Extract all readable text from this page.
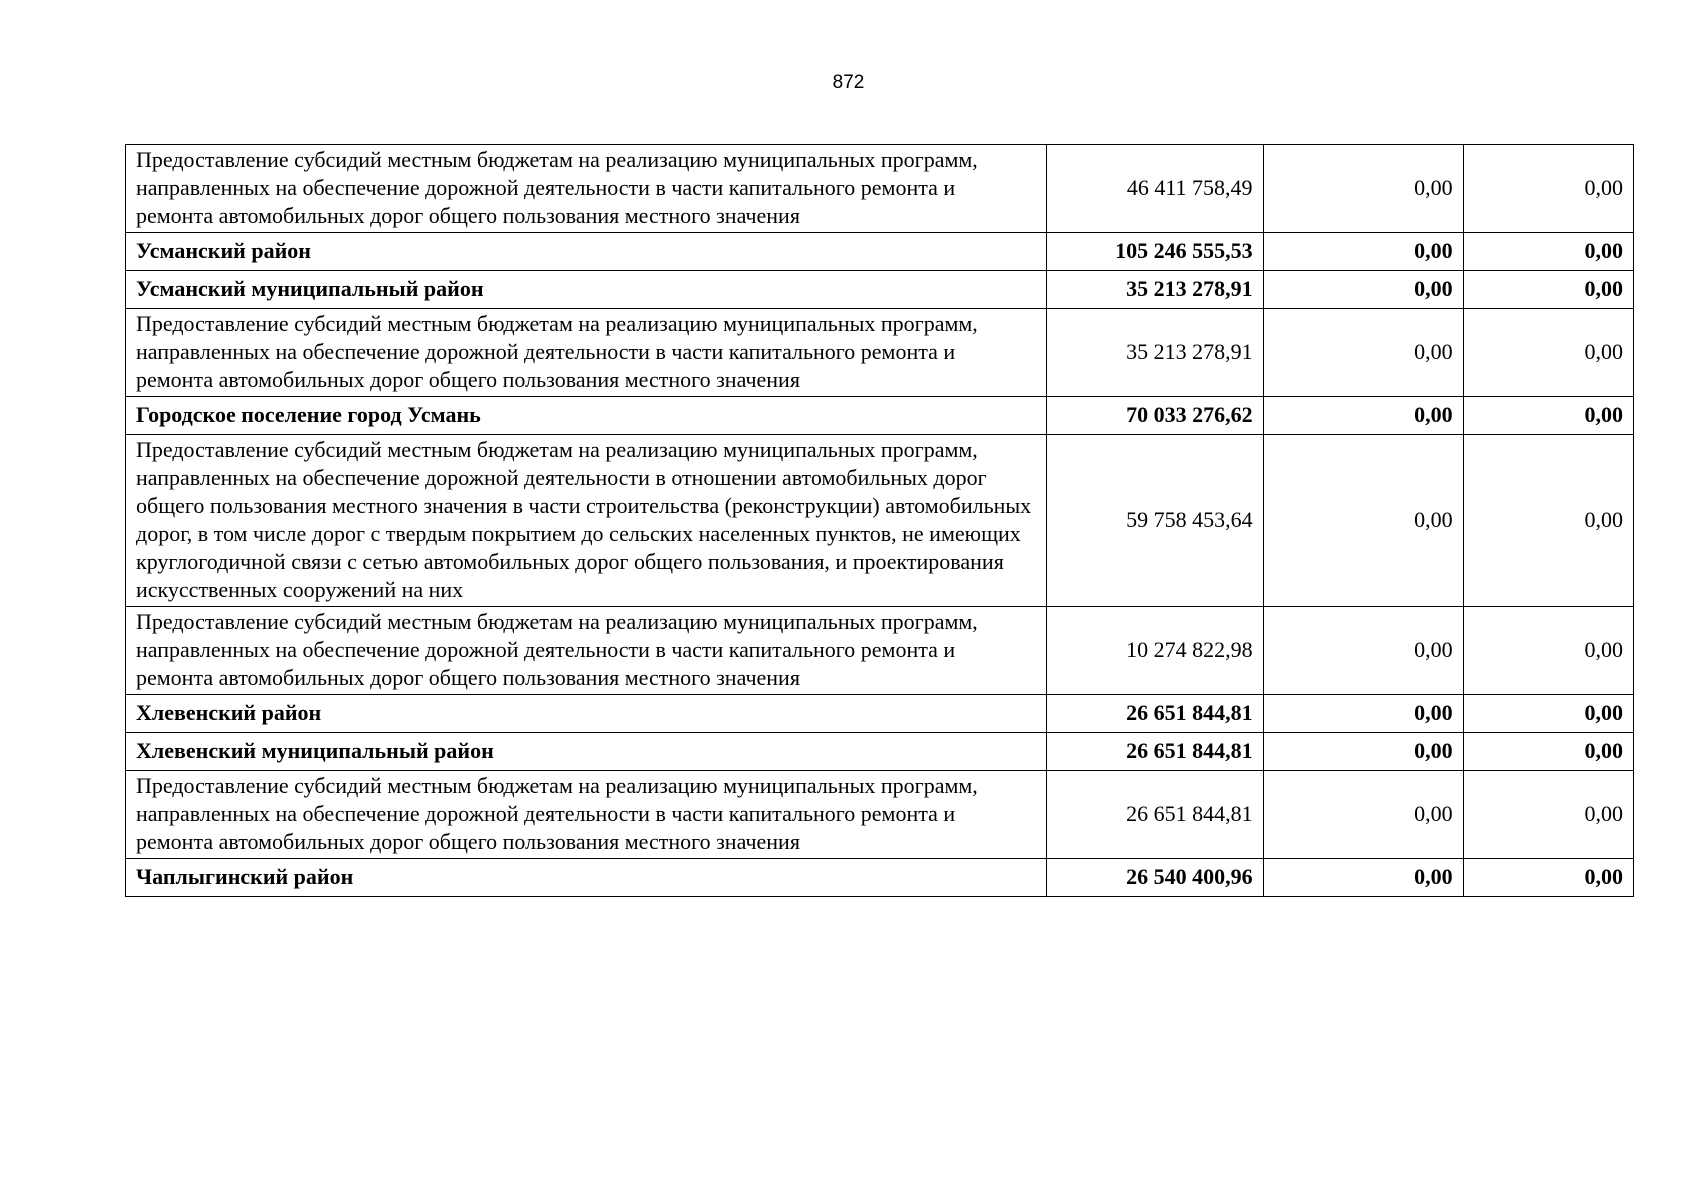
872
Предоставление субсидий местным бюджетам на реализацию муниципальных программ, направленных на обеспечение дорожной деятельности в части капитального ремонта и ремонта автомобильных дорог общего пользования местного значения	46 411 758,49	0,00	0,00
Усманский район	105 246 555,53	0,00	0,00
Усманский муниципальный район	35 213 278,91	0,00	0,00
Предоставление субсидий местным бюджетам на реализацию муниципальных программ, направленных на обеспечение дорожной деятельности в части капитального ремонта и ремонта автомобильных дорог общего пользования местного значения	35 213 278,91	0,00	0,00
Городское поселение город Усмань	70 033 276,62	0,00	0,00
Предоставление субсидий местным бюджетам на реализацию муниципальных программ, направленных на обеспечение дорожной деятельности в отношении автомобильных дорог общего пользования местного значения в части строительства (реконструкции) автомобильных дорог, в том числе дорог с твердым покрытием до сельских населенных пунктов, не имеющих круглогодичной связи с сетью автомобильных дорог общего пользования, и проектирования искусственных сооружений на них	59 758 453,64	0,00	0,00
Предоставление субсидий местным бюджетам на реализацию муниципальных программ, направленных на обеспечение дорожной деятельности в части капитального ремонта и ремонта автомобильных дорог общего пользования местного значения	10 274 822,98	0,00	0,00
Хлевенский район	26 651 844,81	0,00	0,00
Хлевенский муниципальный район	26 651 844,81	0,00	0,00
Предоставление субсидий местным бюджетам на реализацию муниципальных программ, направленных на обеспечение дорожной деятельности в части капитального ремонта и ремонта автомобильных дорог общего пользования местного значения	26 651 844,81	0,00	0,00
Чаплыгинский район	26 540 400,96	0,00	0,00
